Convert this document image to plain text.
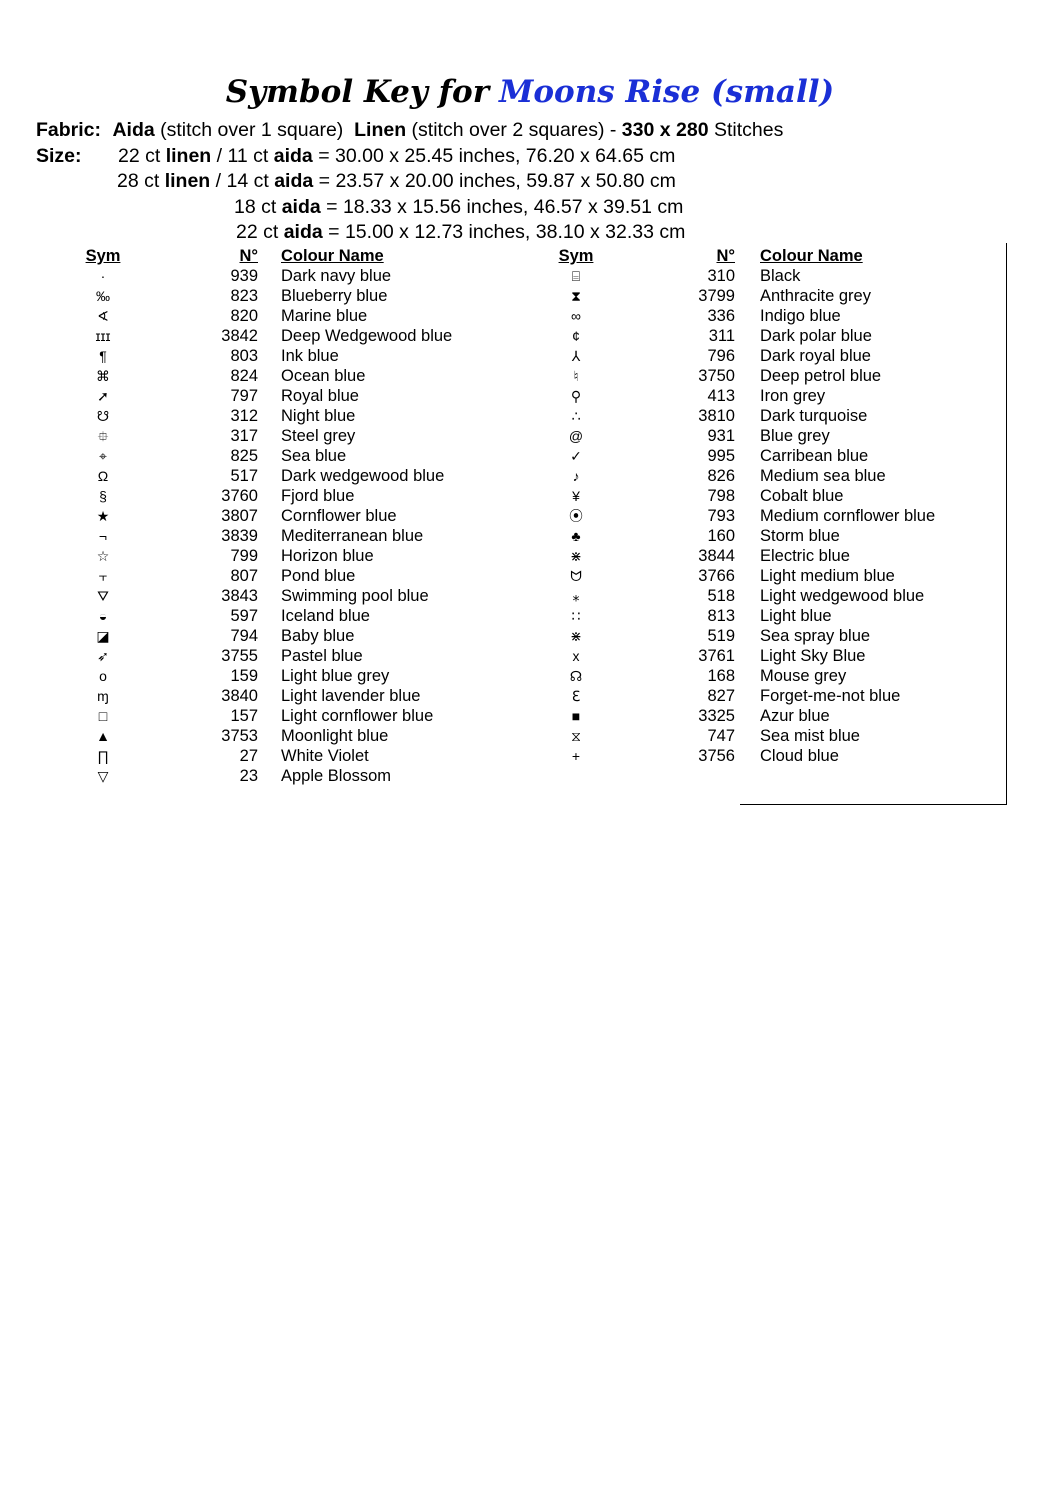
Symbol Key for Moons Rise (small)
Fabric: Aida (stitch over 1 square) Linen (stitch over 2 squares) - 330 x 280 Stitches
Size: 22 ct linen / 11 ct aida = 30.00 x 25.45 inches, 76.20 x 64.65 cm
28 ct linen / 14 ct aida = 23.57 x 20.00 inches, 59.87 x 50.80 cm
18 ct aida = 18.33 x 15.56 inches, 46.57 x 39.51 cm
22 ct aida = 15.00 x 12.73 inches, 38.10 x 32.33 cm
Sym	N° Colour Name
·	939 Dark navy blue
‰	823 Blueberry blue
∢	820 Marine blue
ɪɪɪ	3842 Deep Wedgewood blue
¶	803 Ink blue
⌘	824 Ocean blue
➚	797 Royal blue
☋	312 Night blue
⯐	317 Steel grey
⌖	825 Sea blue
Ω	517 Dark wedgewood blue
§	3760 Fjord blue
★	3807 Cornflower blue
¬	3839 Mediterranean blue
☆	799 Horizon blue
⫟	807 Pond blue
⛛	3843 Swimming pool blue
◒	597 Iceland blue
◪	794 Baby blue
➶	3755 Pastel blue
o	159 Light blue grey
ɱ	3840 Light lavender blue
□	157 Light cornflower blue
▲	3753 Moonlight blue
∏	27 White Violet
▽	23 Apple Blossom
Sym	N° Colour Name
⌸	310 Black
⧗	3799 Anthracite grey
∞	336 Indigo blue
¢	311 Dark polar blue
⅄	796 Dark royal blue
♮	3750 Deep petrol blue
⚲	413 Iron grey
∴	3810 Dark turquoise
@	931 Blue grey
✓	995 Carribean blue
♪	826 Medium sea blue
¥	798 Cobalt blue
⦿	793 Medium cornflower blue
♣	160 Storm blue
⋇	3844 Electric blue
ᗢ	3766 Light medium blue
⁎	518 Light wedgewood blue
∷	813 Light blue
⋇	519 Sea spray blue
x	3761 Light Sky Blue
☊	168 Mouse grey
ℇ	827 Forget-me-not blue
■	3325 Azur blue
⧖	747 Sea mist blue
+	3756 Cloud blue
